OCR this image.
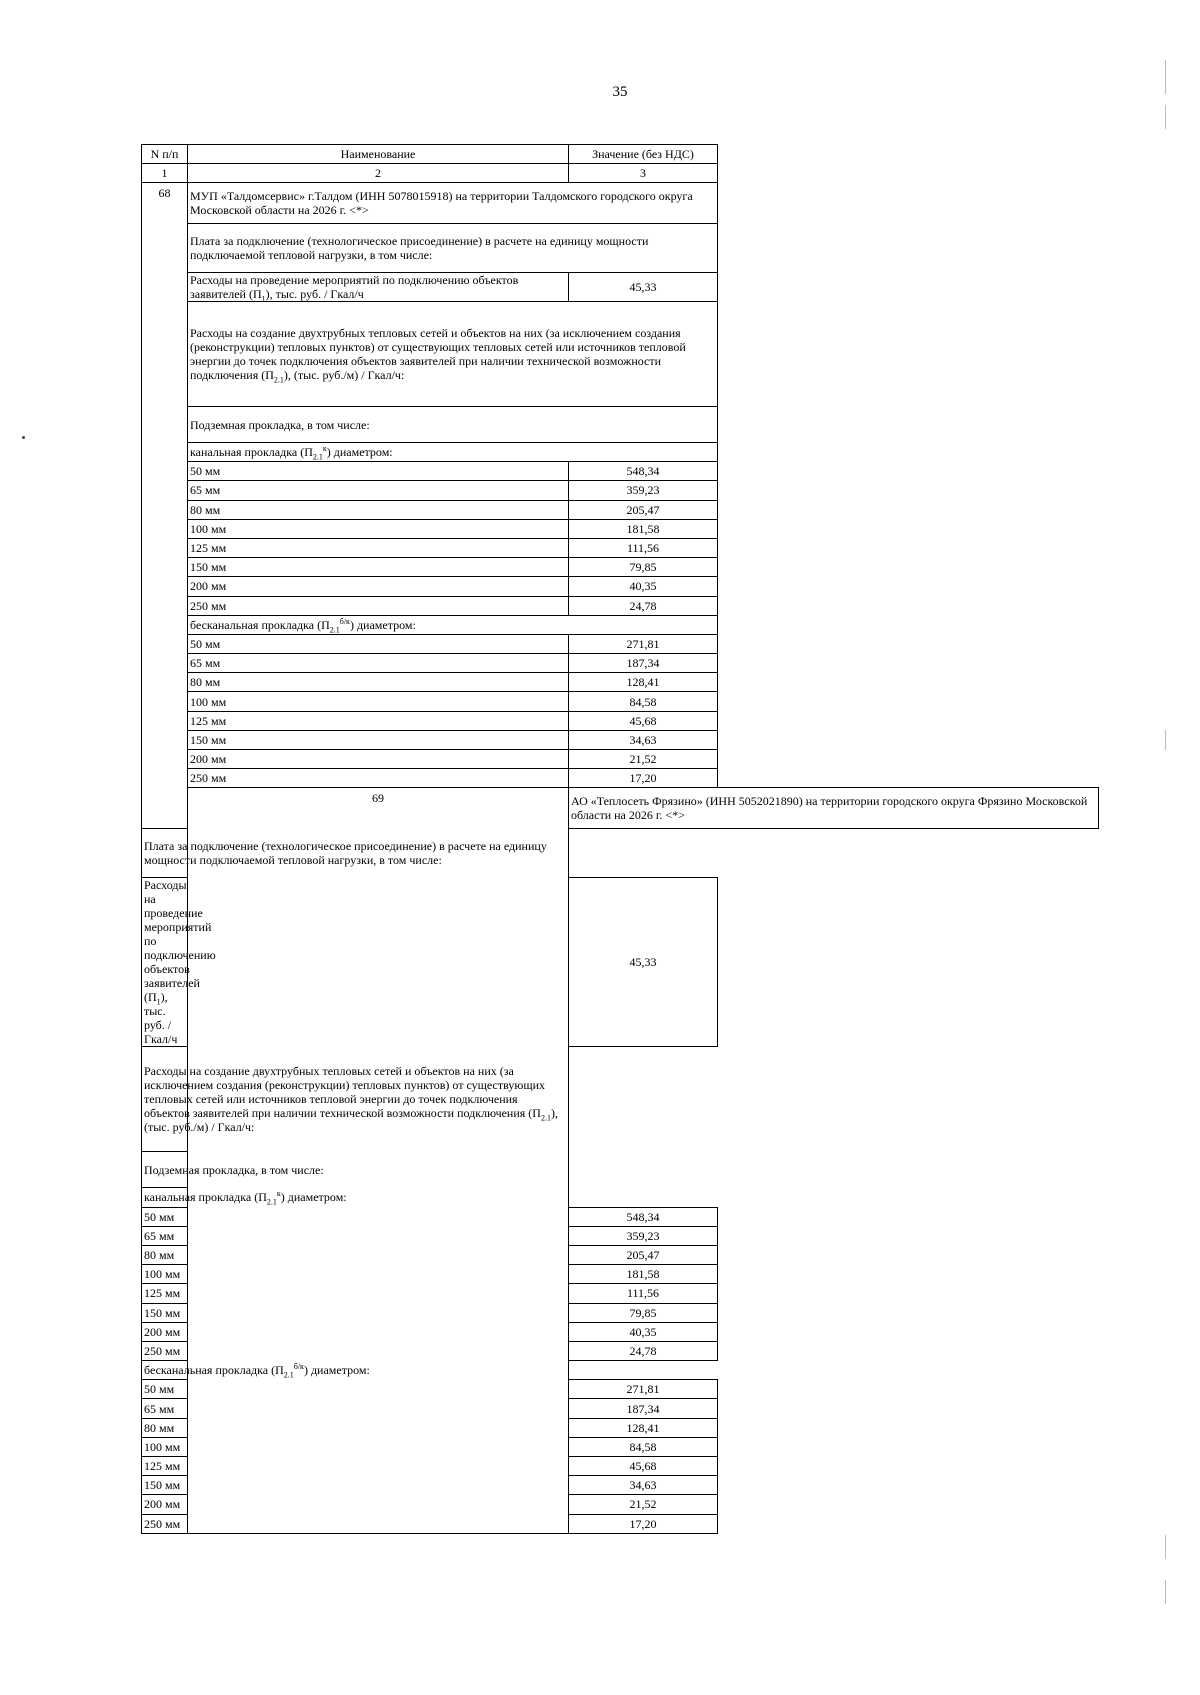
35
N п/п	Наименование	Значение (без НДС)
1	2	3
68	МУП «Талдомсервис» г.Талдом (ИНН 5078015918) на территории Талдомского городского округа Московской области на 2026 г. <*>	
	Плата за подключение (технологическое присоединение) в расчете на единицу мощности подключаемой тепловой нагрузки, в том числе:	
	Расходы на проведение мероприятий по подключению объектов заявителей $(П_1)$, тыс. руб. / Гкал/ч	45,33
	Расходы на создание двухтрубных тепловых сетей и объектов на них (за исключением создания (реконструкции) тепловых пунктов) от существующих тепловых сетей или источников тепловой энергии до точек подключения объектов заявителей при наличии технической возможности подключения $(П_{2.1})$, (тыс. руб./м) / Гкал/ч:	
	Подземная прокладка, в том числе:	
	канальная прокладка $(П_{2.1}^к)$ диаметром:	
	50 мм	548,34
	65 мм	359,23
	80 мм	205,47
	100 мм	181,58
	125 мм	111,56
	150 мм	79,85
	200 мм	40,35
	250 мм	24,78
	бесканальная прокладка $(П_{2.1}^{б/к})$ диаметром:	
	50 мм	271,81
	65 мм	187,34
	80 мм	128,41
	100 мм	84,58
	125 мм	45,68
	150 мм	34,63
	200 мм	21,52
	250 мм	17,20
	69	АО «Теплосеть Фрязино» (ИНН 5052021890) на территории городского округа Фрязино Московской области на 2026 г. <*>
Плата за подключение (технологическое присоединение) в расчете на единицу мощности подключаемой тепловой нагрузки, в том числе:		
Расходы на проведение мероприятий по подключению объектов заявителей $(П_1)$, тыс. руб. / Гкал/ч		45,33
Расходы на создание двухтрубных тепловых сетей и объектов на них (за исключением создания (реконструкции) тепловых пунктов) от существующих тепловых сетей или источников тепловой энергии до точек подключения объектов заявителей при наличии технической возможности подключения $(П_{2.1})$, (тыс. руб./м) / Гкал/ч:		
Подземная прокладка, в том числе:		
канальная прокладка $(П_{2.1}^к)$ диаметром:		
50 мм		548,34
65 мм		359,23
80 мм		205,47
100 мм		181,58
125 мм		111,56
150 мм		79,85
200 мм		40,35
250 мм		24,78
бесканальная прокладка $(П_{2.1}^{б/к})$ диаметром:		
50 мм		271,81
65 мм		187,34
80 мм		128,41
100 мм		84,58
125 мм		45,68
150 мм		34,63
200 мм		21,52
250 мм		17,20
